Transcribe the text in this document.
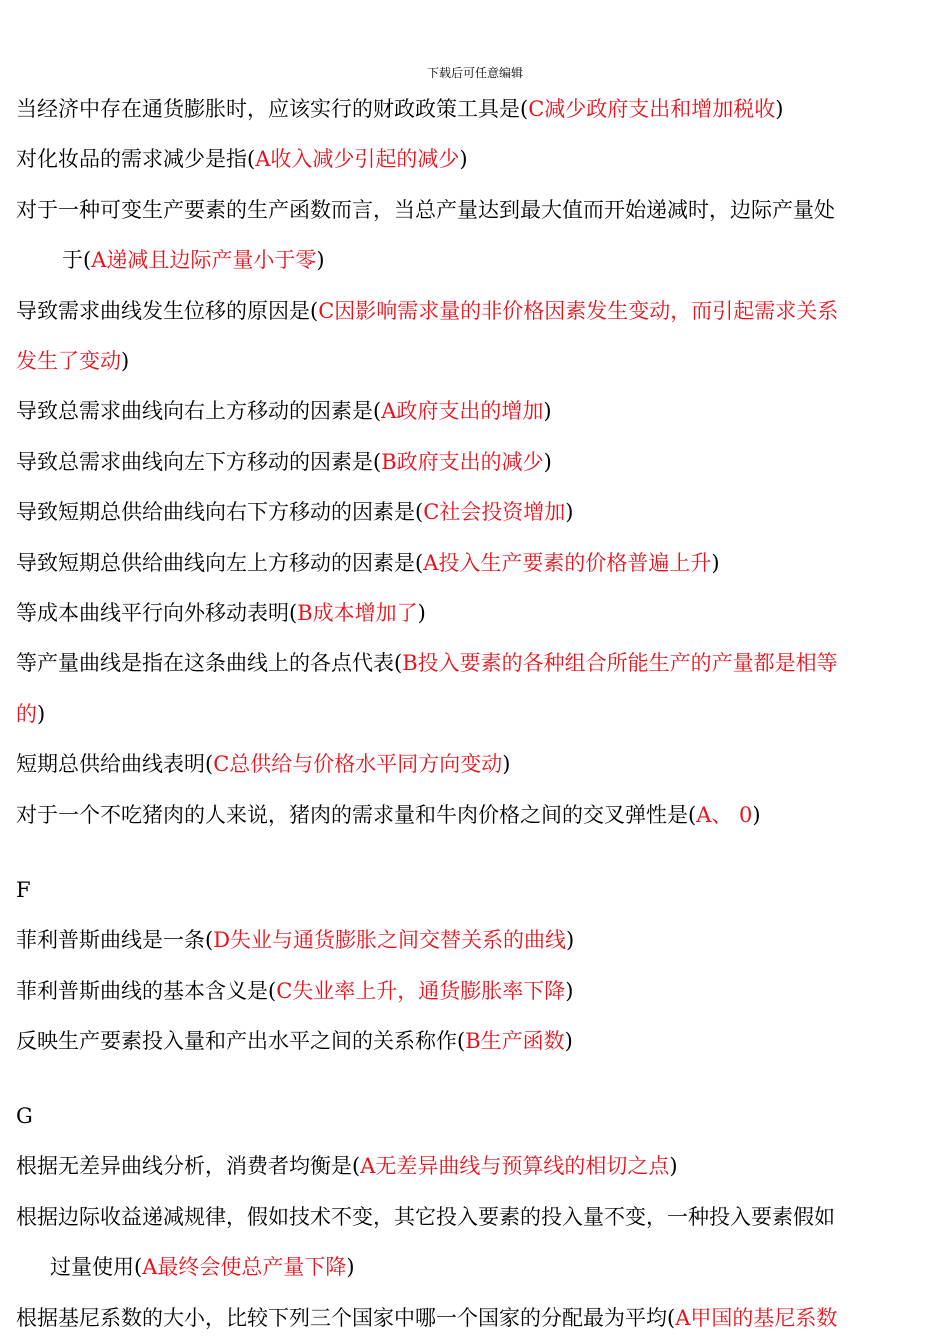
下载后可任意编辑
当经济中存在通货膨胀时，应该实行的财政政策工具是(C减少政府支出和增加税收)
对化妆品的需求减少是指(A收入减少引起的减少)
对于一种可变生产要素的生产函数而言，当总产量达到最大值而开始递减时，边际产量处
于(A递减且边际产量小于零)
导致需求曲线发生位移的原因是(C因影响需求量的非价格因素发生变动，而引起需求关系
发生了变动)
导致总需求曲线向右上方移动的因素是(A政府支出的增加)
导致总需求曲线向左下方移动的因素是(B政府支出的减少)
导致短期总供给曲线向右下方移动的因素是(C社会投资增加)
导致短期总供给曲线向左上方移动的因素是(A投入生产要素的价格普遍上升)
等成本曲线平行向外移动表明(B成本增加了)
等产量曲线是指在这条曲线上的各点代表(B投入要素的各种组合所能生产的产量都是相等
的)
短期总供给曲线表明(C总供给与价格水平同方向变动)
对于一个不吃猪肉的人来说，猪肉的需求量和牛肉价格之间的交叉弹性是(A、 0)
F
菲利普斯曲线是一条(D失业与通货膨胀之间交替关系的曲线)
菲利普斯曲线的基本含义是(C失业率上升，通货膨胀率下降)
反映生产要素投入量和产出水平之间的关系称作(B生产函数)
G
根据无差异曲线分析，消费者均衡是(A无差异曲线与预算线的相切之点)
根据边际收益递减规律，假如技术不变，其它投入要素的投入量不变，一种投入要素假如
过量使用(A最终会使总产量下降)
根据基尼系数的大小，比较下列三个国家中哪一个国家的分配最为平均(A甲国的基尼系数
